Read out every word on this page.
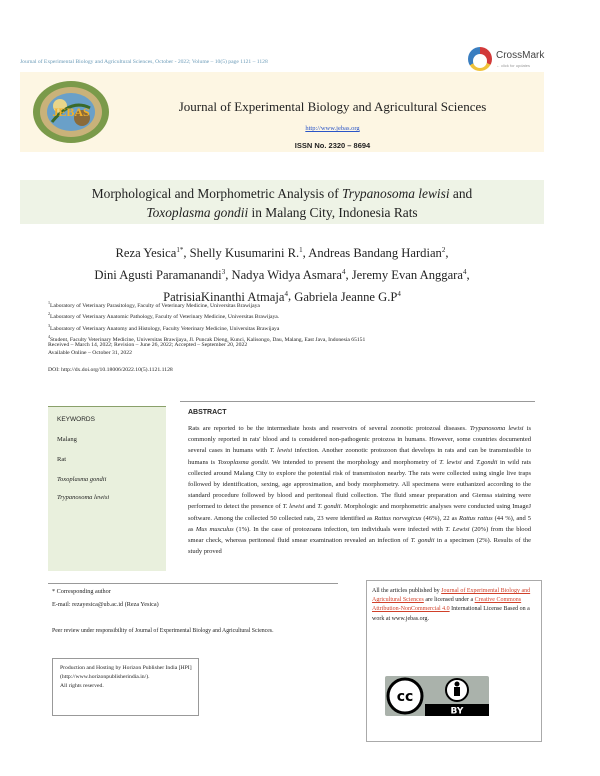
Journal of Experimental Biology and Agricultural Sciences, October - 2022; Volume – 10(5) page 1121 – 1128
CrossMark
← click for updates
JEBAS	Journal of Experimental Biology and Agricultural Sciences
http://www.jebas.org
ISSN No. 2320 – 8694
Morphological and Morphometric Analysis of Trypanosoma lewisi and
Toxoplasma gondii in Malang City, Indonesia Rats
Reza Yesica$^{1*}$, Shelly Kusumarini R.$^1$, Andreas Bandang Hardian$^2$,
Dini Agusti Paramanandi$^3$, Nadya Widya Asmara$^4$, Jeremy Evan Anggara$^4$,
PatrisiaKinanthi Atmaja$^4$, Gabriela Jeanne $G.P^4$
$^1$Laboratory of Veterinary Parasitology, Faculty of Veterinary Medicine, Universitas Brawijaya
$^2$Laboratory of Veterinary Anatomic Pathology, Faculty of Veterinary Medicine, Universitas Brawijaya.
$^3$Laboratory of Veterinary Anatomy and Histology, Faculty Veterinary Medicine, Universitas Brawijaya
$^4$Student, Faculty Veterinary Medicine, Universitas Brawijaya, Jl. Puncak Dieng, Kunci, Kalisongo, Dau, Malang, East Java, Indonesia 65151
Received – March 14, 2022; Revision – June 26, 2022; Accepted – September 20, 2022
Available Online – October 31, 2022
DOI: http://dx.doi.org/10.18006/2022.10(5).1121.1128
KEYWORDS
Malang
Rat
Toxoplasma gondii
Trypanosoma lewisi
ABSTRACT

Rats are reported to be the intermediate hosts and reservoirs of several zoonotic protozoal diseases. Trypanosoma lewisi is commonly reported in rats' blood and is considered non-pathogenic protozoa in humans. However, some countries documented several cases in humans with T. lewisi infection. Another zoonotic protozoon that develops in rats and can be transmissible to humans is Toxoplasma gondii. We intended to present the morphology and morphometry of T. lewisi and T.gondii in wild rats collected around Malang City to explore the potential risk of transmission nearby. The rats were collected using single live traps followed by identification, sexing, age approximation, and body morphometry. All specimens were euthanized according to the standard procedure followed by blood and peritoneal fluid collection. The fluid smear preparation and Giemsa staining were performed to detect the presence of T. lewisi and T. gondii. Morphologic and morphometric analyses were conducted using ImageJ software. Among the collected 50 collected rats, 23 were identified as Rattus norvegicus (46%), 22 as Rattus rattus (44 %), and 5 as Mus musculus (1%). In the case of protozoans infection, ten individuals were infected with T. Lewisi (20%) from the blood smear check, whereas peritoneal fluid smear examination revealed an infection of T. gondii in a specimen (2%). Results of the study proved

* Corresponding author
E-mail: rezayesica@ub.ac.id (Reza Yesica)
Peer review under responsibility of Journal of Experimental Biology and Agricultural Sciences.
Production and Hosting by Horizon Publisher India [HPI]
(http://www.horizonpublisherindia.in/).
All rights reserved.
All the articles published by Journal of Experimental Biology and Agricultural Sciences are licensed under a Creative Commons Attribution-NonCommercial 4.0 International License Based on a work at www.jebas.org.
cc
BY
